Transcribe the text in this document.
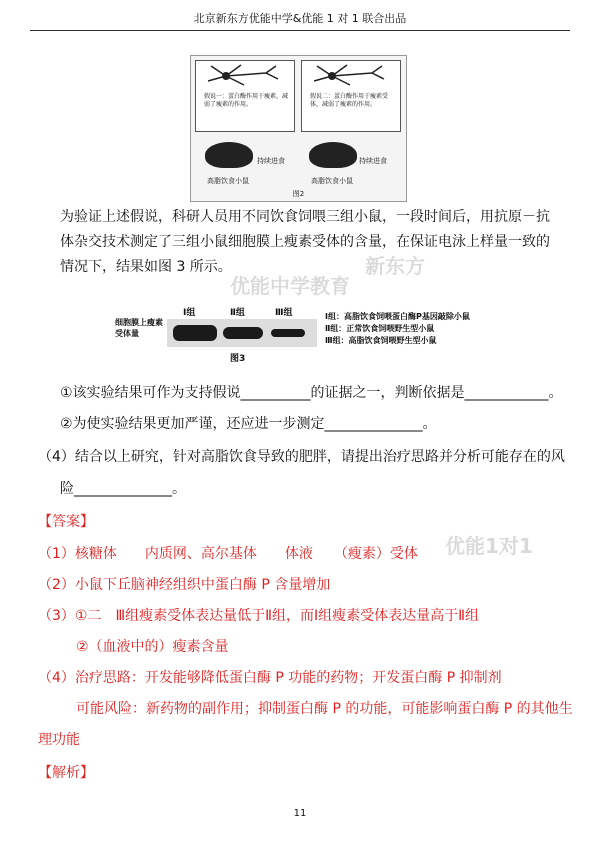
北京新东方优能中学&优能 1 对 1 联合出品
假说一：蛋白酶作用于瘦素，减弱了瘦素的作用。
假说二：蛋白酶作用于瘦素受体，减弱了瘦素的作用。
持续进食	持续进食
高脂饮食小鼠	高脂饮食小鼠
图2
为验证上述假说，科研人员用不同饮食饲喂三组小鼠，一段时间后，用抗原－抗体杂交技术测定了三组小鼠细胞膜上瘦素受体的含量，在保证电泳上样量一致的情况下，结果如图 3 所示。
细胞膜上瘦素受体量
Ⅰ组	Ⅱ组	Ⅲ组	Ⅰ组：高脂饮食饲喂蛋白酶P基因敲除小鼠
Ⅱ组：正常饮食饲喂野生型小鼠
Ⅲ组：高脂饮食饲喂野生型小鼠
图3
①该实验结果可作为支持假说__________的证据之一，判断依据是____________。
②为使实验结果更加严谨，还应进一步测定______________。
（4）结合以上研究，针对高脂饮食导致的肥胖，请提出治疗思路并分析可能存在的风
险______________。
【答案】
（1）核糖体　　内质网、高尔基体　　体液　　（瘦素）受体
（2）小鼠下丘脑神经组织中蛋白酶 P 含量增加
（3）①二　Ⅲ组瘦素受体表达量低于Ⅱ组，而Ⅰ组瘦素受体表达量高于Ⅱ组
②（血液中的）瘦素含量
（4）治疗思路：开发能够降低蛋白酶 P 功能的药物；开发蛋白酶 P 抑制剂
可能风险：新药物的副作用；抑制蛋白酶 P 的功能，可能影响蛋白酶 P 的其他生
理功能
【解析】
优能中学教育
新东方
优能1对1
11
